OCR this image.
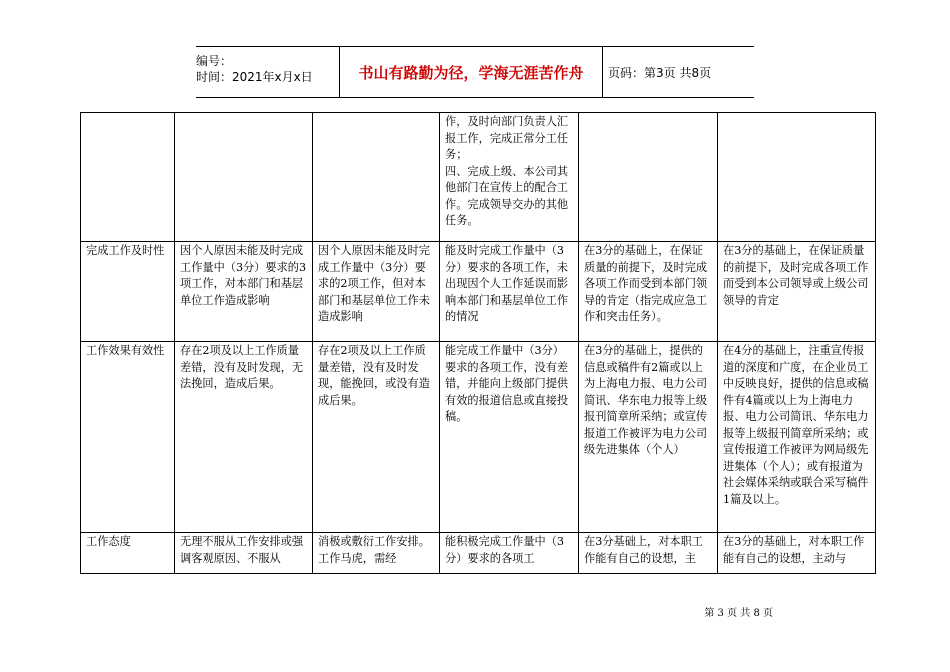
编号：
时间：2021年x月x日	书山有路勤为径，学海无涯苦作舟	页码：第3页 共8页
			作，及时向部门负责人汇报工作，完成正常分工任务；
四、完成上级、本公司其他部门在宣传上的配合工作。完成领导交办的其他任务。		
完成工作及时性	因个人原因未能及时完成工作量中（3分）要求的3项工作，对本部门和基层单位工作造成影响	因个人原因未能及时完成工作量中（3分）要求的2项工作，但对本部门和基层单位工作未造成影响	能及时完成工作量中（3分）要求的各项工作，未出现因个人工作延误而影响本部门和基层单位工作的情况	在3分的基础上，在保证质量的前提下，及时完成各项工作而受到本部门领导的肯定（指完成应急工作和突击任务）。	在3分的基础上，在保证质量的前提下，及时完成各项工作而受到本公司领导或上级公司领导的肯定
工作效果有效性	存在2项及以上工作质量差错，没有及时发现，无法挽回，造成后果。	存在2项及以上工作质量差错，没有及时发现，能挽回，或没有造成后果。	能完成工作量中（3分）要求的各项工作，没有差错，并能向上级部门提供有效的报道信息或直接投稿。	在3分的基础上，提供的信息或稿件有2篇或以上为上海电力报、电力公司简讯、华东电力报等上级报刊简章所采纳；或宣传报道工作被评为电力公司级先进集体（个人）	在4分的基础上，注重宣传报道的深度和广度，在企业员工中反映良好，提供的信息或稿件有4篇或以上为上海电力报、电力公司简讯、华东电力报等上级报刊简章所采纳；或宣传报道工作被评为网局级先进集体（个人）；或有报道为社会媒体采纳或联合采写稿件1篇及以上。
工作态度	无理不服从工作安排或强调客观原因、不服从	消极或敷衍工作安排。工作马虎，需经	能积极完成工作量中（3分）要求的各项工	在3分基础上，对本职工作能有自己的设想，主	在3分的基础上，对本职工作能有自己的设想，主动与
第 3 页 共 8 页
